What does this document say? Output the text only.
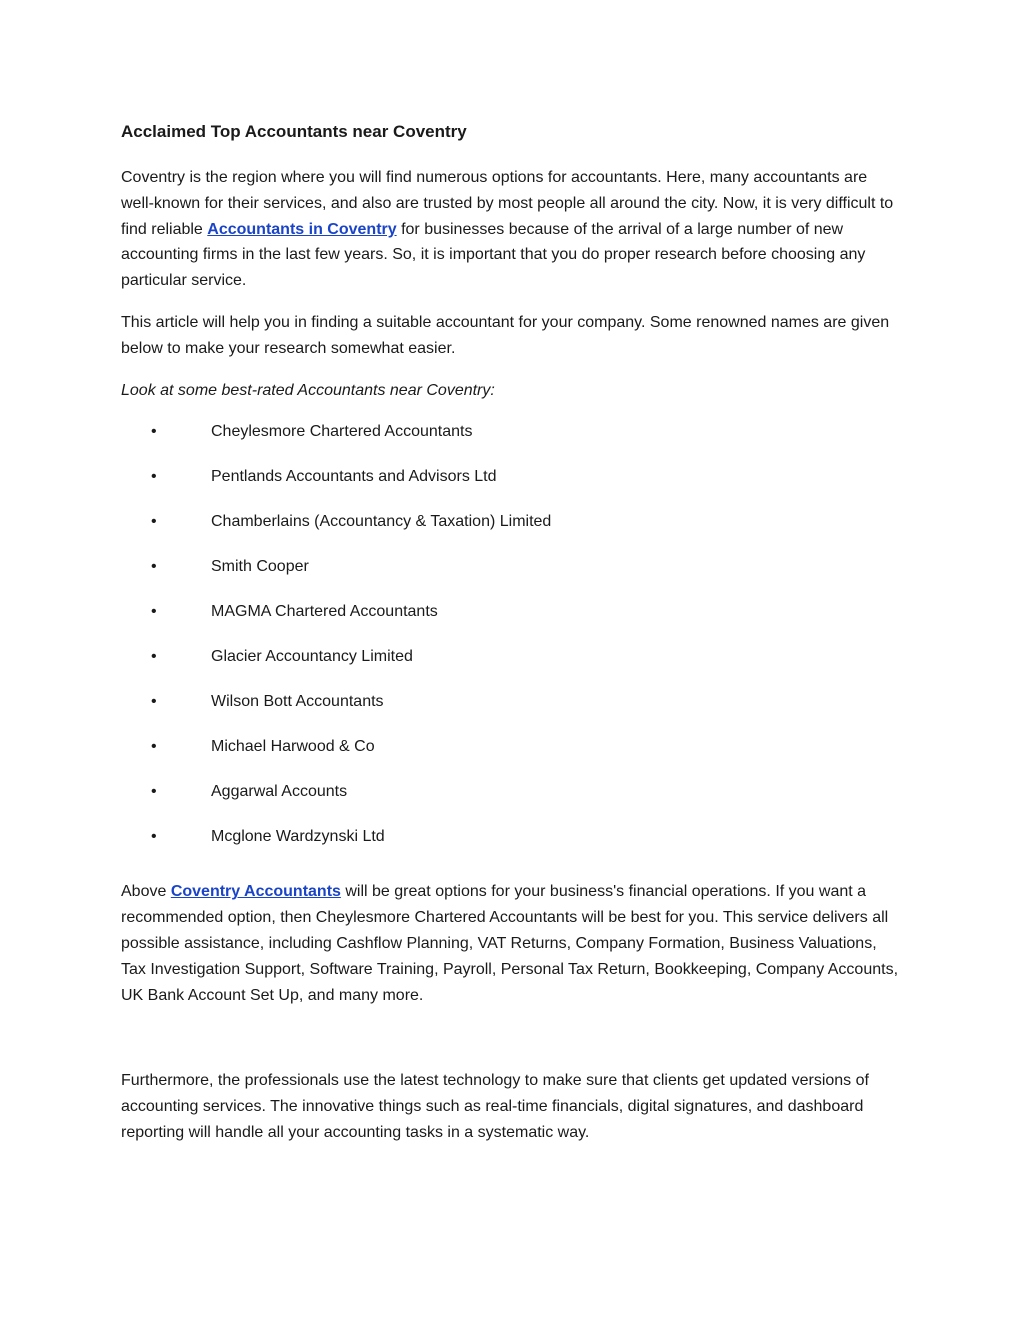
Acclaimed Top Accountants near Coventry

Coventry is the region where you will find numerous options for accountants. Here, many accountants are well-known for their services, and also are trusted by most people all around the city. Now, it is very difficult to find reliable Accountants in Coventry for businesses because of the arrival of a large number of new accounting firms in the last few years. So, it is important that you do proper research before choosing any particular service.

This article will help you in finding a suitable accountant for your company. Some renowned names are given below to make your research somewhat easier.

Look at some best-rated Accountants near Coventry:

•	Cheylesmore Chartered Accountants
•	Pentlands Accountants and Advisors Ltd
•	Chamberlains (Accountancy & Taxation) Limited
•	Smith Cooper
•	MAGMA Chartered Accountants
•	Glacier Accountancy Limited
•	Wilson Bott Accountants
•	Michael Harwood & Co
•	Aggarwal Accounts
•	Mcglone Wardzynski Ltd

Above Coventry Accountants will be great options for your business's financial operations. If you want a recommended option, then Cheylesmore Chartered Accountants will be best for you. This service delivers all possible assistance, including Cashflow Planning, VAT Returns, Company Formation, Business Valuations, Tax Investigation Support, Software Training, Payroll, Personal Tax Return, Bookkeeping, Company Accounts, UK Bank Account Set Up, and many more.

Furthermore, the professionals use the latest technology to make sure that clients get updated versions of accounting services. The innovative things such as real-time financials, digital signatures, and dashboard reporting will handle all your accounting tasks in a systematic way.
